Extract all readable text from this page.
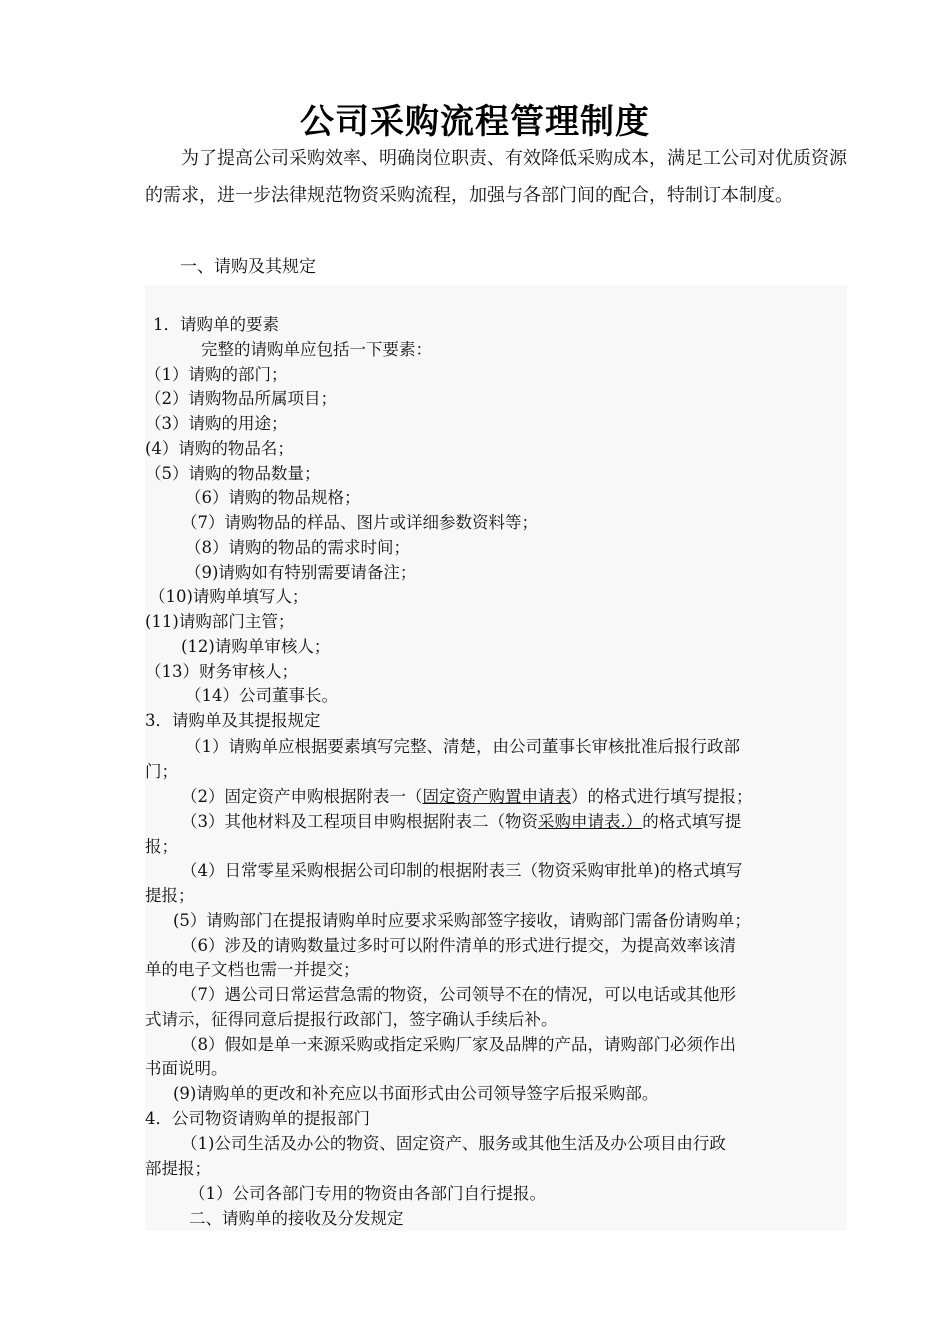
公司采购流程管理制度

为了提高公司采购效率、明确岗位职责、有效降低采购成本，满足工公司对优质资源的需求，进一步法律规范物资采购流程，加强与各部门间的配合，特制订本制度。

一、请购及其规定
1．请购单的要素
完整的请购单应包括一下要素：
（1）请购的部门；
（2）请购物品所属项目；
（3）请购的用途；
(4）请购的物品名；
（5）请购的物品数量；
（6）请购的物品规格；
（7）请购物品的样品、图片或详细参数资料等；
（8）请购的物品的需求时间；
（9)请购如有特别需要请备注；
（10)请购单填写人；
(11)请购部门主管；
(12)请购单审核人；
（13）财务审核人；
（14）公司董事长。
3．请购单及其提报规定
（1）请购单应根据要素填写完整、清楚，由公司董事长审核批准后报行政部
门；
（2）固定资产申购根据附表一（固定资产购置申请表）的格式进行填写提报；
（3）其他材料及工程项目申购根据附表二（物资采购申请表.）的格式填写提
报；
（4）日常零星采购根据公司印制的根据附表三（物资采购审批单)的格式填写
提报；
(5）请购部门在提报请购单时应要求采购部签字接收，请购部门需备份请购单；
（6）涉及的请购数量过多时可以附件清单的形式进行提交，为提高效率该清
单的电子文档也需一并提交；
（7）遇公司日常运营急需的物资，公司领导不在的情况，可以电话或其他形
式请示，征得同意后提报行政部门，签字确认手续后补。
（8）假如是单一来源采购或指定采购厂家及品牌的产品，请购部门必须作出
书面说明。
(9)请购单的更改和补充应以书面形式由公司领导签字后报采购部。
4．公司物资请购单的提报部门
（1)公司生活及办公的物资、固定资产、服务或其他生活及办公项目由行政
部提报；
（1）公司各部门专用的物资由各部门自行提报。
二、请购单的接收及分发规定
